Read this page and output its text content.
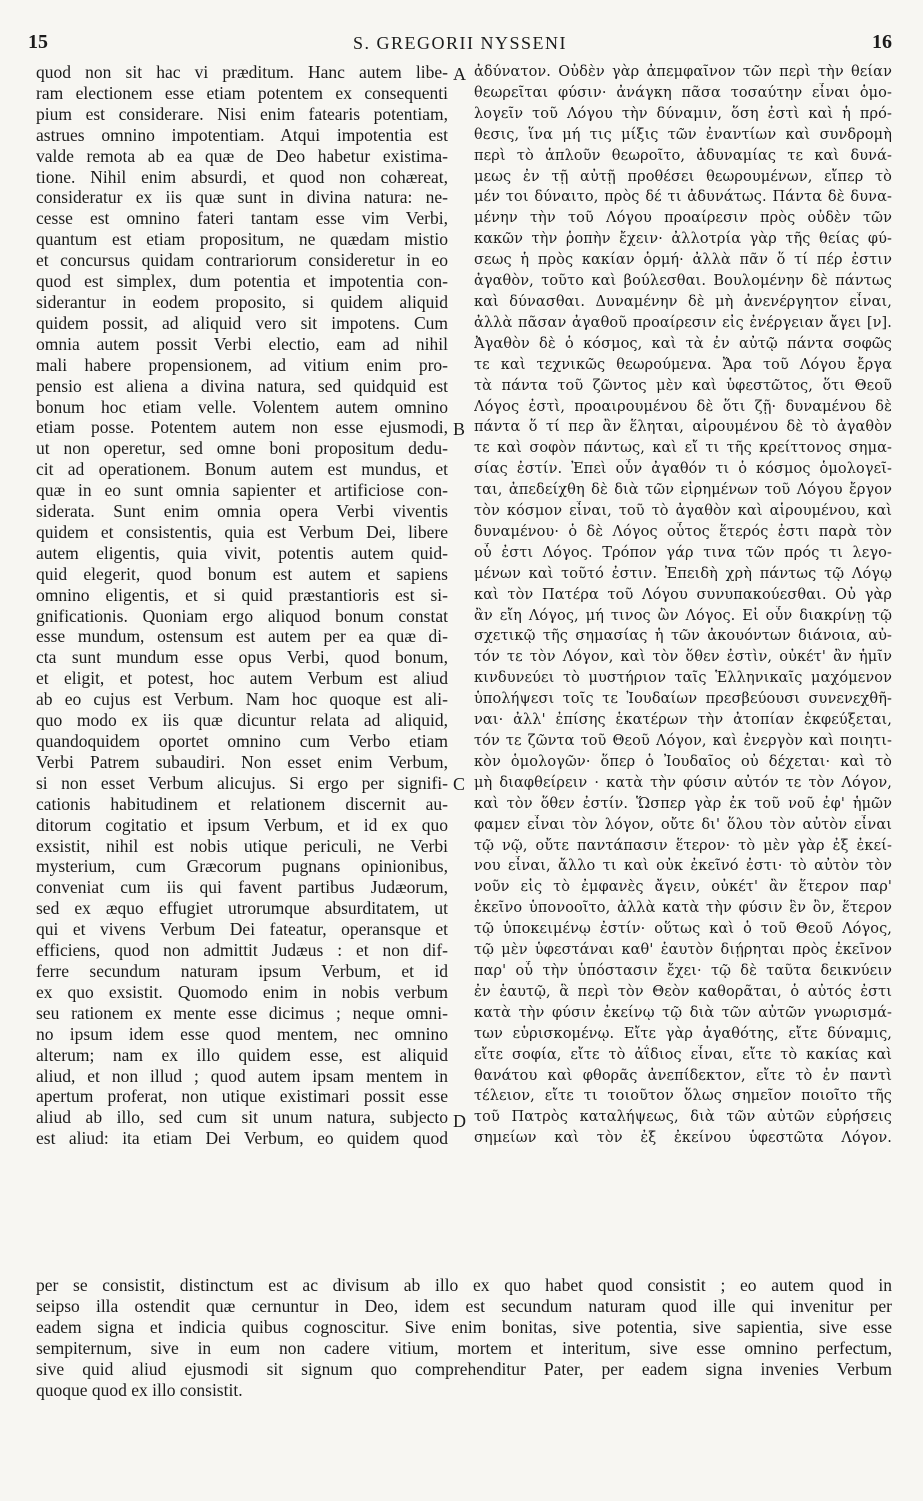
15	S. GREGORII NYSSENI	16
quod non sit hac vi præditum. Hanc autem libe-
ram electionem esse etiam potentem ex consequenti
pium est considerare. Nisi enim fatearis potentiam,
astrues omnino impotentiam. Atqui impotentia est
valde remota ab ea quæ de Deo habetur existima-
tione. Nihil enim absurdi, et quod non cohæreat,
consideratur ex iis quæ sunt in divina natura: ne-
cesse est omnino fateri tantam esse vim Verbi,
quantum est etiam propositum, ne quædam mistio
et concursus quidam contrariorum consideretur in eo
quod est simplex, dum potentia et impotentia con-
siderantur in eodem proposito, si quidem aliquid
quidem possit, ad aliquid vero sit impotens. Cum
omnia autem possit Verbi electio, eam ad nihil
mali habere propensionem, ad vitium enim pro-
pensio est aliena a divina natura, sed quidquid est
bonum hoc etiam velle. Volentem autem omnino
etiam posse. Potentem autem non esse ejusmodi,
ut non operetur, sed omne boni propositum dedu-
cit ad operationem. Bonum autem est mundus, et
quæ in eo sunt omnia sapienter et artificiose con-
siderata. Sunt enim omnia opera Verbi viventis
quidem et consistentis, quia est Verbum Dei, libere
autem eligentis, quia vivit, potentis autem quid-
quid elegerit, quod bonum est autem et sapiens
omnino eligentis, et si quid præstantioris est si-
gnificationis. Quoniam ergo aliquod bonum constat
esse mundum, ostensum est autem per ea quæ di-
cta sunt mundum esse opus Verbi, quod bonum,
et eligit, et potest, hoc autem Verbum est aliud
ab eo cujus est Verbum. Nam hoc quoque est ali-
quo modo ex iis quæ dicuntur relata ad aliquid,
quandoquidem oportet omnino cum Verbo etiam
Verbi Patrem subaudiri. Non esset enim Verbum,
si non esset Verbum alicujus. Si ergo per signifi-
cationis habitudinem et relationem discernit au-
ditorum cogitatio et ipsum Verbum, et id ex quo
exsistit, nihil est nobis utique periculi, ne Verbi
mysterium, cum Græcorum pugnans opinionibus,
conveniat cum iis qui favent partibus Judæorum,
sed ex æquo effugiet utrorumque absurditatem, ut
qui et vivens Verbum Dei fateatur, operansque et
efficiens, quod non admittit Judæus : et non dif-
ferre secundum naturam ipsum Verbum, et id
ex quo exsistit. Quomodo enim in nobis verbum
seu rationem ex mente esse dicimus ; neque omni-
no ipsum idem esse quod mentem, nec omnino
alterum; nam ex illo quidem esse, est aliquid
aliud, et non illud ; quod autem ipsam mentem in
apertum proferat, non utique existimari possit esse
aliud ab illo, sed cum sit unum natura, subjecto
est aliud: ita etiam Dei Verbum, eo quidem quod
ἀδύνατον. Οὐδὲν γὰρ ἀπεμφαῖνον τῶν περὶ τὴν θείαν
θεωρεῖται φύσιν· ἀνάγκη πᾶσα τοσαύτην εἶναι ὁμο-
λογεῖν τοῦ Λόγου τὴν δύναμιν, ὅση ἐστὶ καὶ ἡ πρό-
θεσις, ἵνα μή τις μίξις τῶν ἐναντίων καὶ συνδρομὴ
περὶ τὸ ἁπλοῦν θεωροῖτο, ἀδυναμίας τε καὶ δυνά-
μεως ἐν τῇ αὐτῇ προθέσει θεωρουμένων, εἴπερ τὸ
μέν τοι δύναιτο, πρὸς δέ τι ἀδυνάτως. Πάντα δὲ δυνα-
μένην τὴν τοῦ Λόγου προαίρεσιν πρὸς οὐδὲν τῶν
κακῶν τὴν ῥοπὴν ἔχειν· ἀλλοτρία γὰρ τῆς θείας φύ-
σεως ἡ πρὸς κακίαν ὁρμή· ἀλλὰ πᾶν ὅ τί πέρ ἐστιν
ἀγαθὸν, τοῦτο καὶ βούλεσθαι. Βουλομένην δὲ πάντως
καὶ δύνασθαι. Δυναμένην δὲ μὴ ἀνενέργητον εἶναι,
ἀλλὰ πᾶσαν ἀγαθοῦ προαίρεσιν εἰς ἐνέργειαν ἄγει [ν].
Ἀγαθὸν δὲ ὁ κόσμος, καὶ τὰ ἐν αὐτῷ πάντα σοφῶς
τε καὶ τεχνικῶς θεωρούμενα. Ἄρα τοῦ Λόγου ἔργα
τὰ πάντα τοῦ ζῶντος μὲν καὶ ὑφεστῶτος, ὅτι Θεοῦ
Λόγος ἐστὶ, προαιρουμένου δὲ ὅτι ζῇ· δυναμένου δὲ
πάντα ὅ τί περ ἂν ἕληται, αἱρουμένου δὲ τὸ ἀγαθὸν
τε καὶ σοφὸν πάντως, καὶ εἴ τι τῆς κρείττονος σημα-
σίας ἐστίν. Ἐπεὶ οὖν ἀγαθόν τι ὁ κόσμος ὁμολογεῖ-
ται, ἀπεδείχθη δὲ διὰ τῶν εἰρημένων τοῦ Λόγου ἔργον
τὸν κόσμον εἶναι, τοῦ τὸ ἀγαθὸν καὶ αἱρουμένου, καὶ
δυναμένου· ὁ δὲ Λόγος οὗτος ἕτερός ἐστι παρὰ τὸν
οὗ ἐστι Λόγος. Τρόπον γάρ τινα τῶν πρός τι λεγο-
μένων καὶ τοῦτό ἐστιν. Ἐπειδὴ χρὴ πάντως τῷ Λόγῳ
καὶ τὸν Πατέρα τοῦ Λόγου συνυπακούεσθαι. Οὐ γὰρ
ἂν εἴη Λόγος, μή τινος ὢν Λόγος. Εἰ οὖν διακρίνῃ τῷ
σχετικῷ τῆς σημασίας ἡ τῶν ἀκουόντων διάνοια, αὐ-
τόν τε τὸν Λόγον, καὶ τὸν ὅθεν ἐστὶν, οὐκέτ' ἂν ἡμῖν
κινδυνεύει τὸ μυστήριον ταῖς Ἑλληνικαῖς μαχόμενον
ὑπολήψεσι τοῖς τε Ἰουδαίων πρεσβεύουσι συνενεχθῆ-
ναι· ἀλλ' ἐπίσης ἑκατέρων τὴν ἀτοπίαν ἐκφεύξεται,
τόν τε ζῶντα τοῦ Θεοῦ Λόγον, καὶ ἐνεργὸν καὶ ποιητι-
κὸν ὁμολογῶν· ὅπερ ὁ Ἰουδαῖος οὐ δέχεται· καὶ τὸ
μὴ διαφθείρειν · κατὰ τὴν φύσιν αὐτόν τε τὸν Λόγον,
καὶ τὸν ὅθεν ἐστίν. Ὥσπερ γὰρ ἐκ τοῦ νοῦ ἐφ' ἡμῶν
φαμεν εἶναι τὸν λόγον, οὔτε δι' ὅλου τὸν αὐτὸν εἶναι
τῷ νῷ, οὔτε παντάπασιν ἕτερον· τὸ μὲν γὰρ ἐξ ἐκεί-
νου εἶναι, ἄλλο τι καὶ οὐκ ἐκεῖνό ἐστι· τὸ αὐτὸν τὸν
νοῦν εἰς τὸ ἐμφανὲς ἄγειν, οὐκέτ' ἂν ἕτερον παρ'
ἐκεῖνο ὑπονοοῖτο, ἀλλὰ κατὰ τὴν φύσιν ἓν ὂν, ἕτερον
τῷ ὑποκειμένῳ ἐστίν· οὕτως καὶ ὁ τοῦ Θεοῦ Λόγος,
τῷ μὲν ὑφεστάναι καθ' ἑαυτὸν διῄρηται πρὸς ἐκεῖνον
παρ' οὗ τὴν ὑπόστασιν ἔχει· τῷ δὲ ταῦτα δεικνύειν
ἐν ἑαυτῷ, ἃ περὶ τὸν Θεὸν καθορᾶται, ὁ αὐτός ἐστι
κατὰ τὴν φύσιν ἐκείνῳ τῷ διὰ τῶν αὐτῶν γνωρισμά-
των εὑρισκομένῳ. Εἴτε γὰρ ἀγαθότης, εἴτε δύναμις,
εἴτε σοφία, εἴτε τὸ ἀΐδιος εἶναι, εἴτε τὸ κακίας καὶ
θανάτου καὶ φθορᾶς ἀνεπίδεκτον, εἴτε τὸ ἐν παντὶ
τέλειον, εἴτε τι τοιοῦτον ὅλως σημεῖον ποιοῖτο τῆς
τοῦ Πατρὸς καταλήψεως, διὰ τῶν αὐτῶν εὑρήσεις
σημείων καὶ τὸν ἐξ ἐκείνου ὑφεστῶτα Λόγον.
A
B
C
D
per se consistit, distinctum est ac divisum ab illo ex quo habet quod consistit ; eo autem quod in
seipso illa ostendit quæ cernuntur in Deo, idem est secundum naturam quod ille qui invenitur per
eadem signa et indicia quibus cognoscitur. Sive enim bonitas, sive potentia, sive sapientia, sive esse
sempiternum, sive in eum non cadere vitium, mortem et interitum, sive esse omnino perfectum,
sive quid aliud ejusmodi sit signum quo comprehenditur Pater, per eadem signa invenies Verbum
quoque quod ex illo consistit.
